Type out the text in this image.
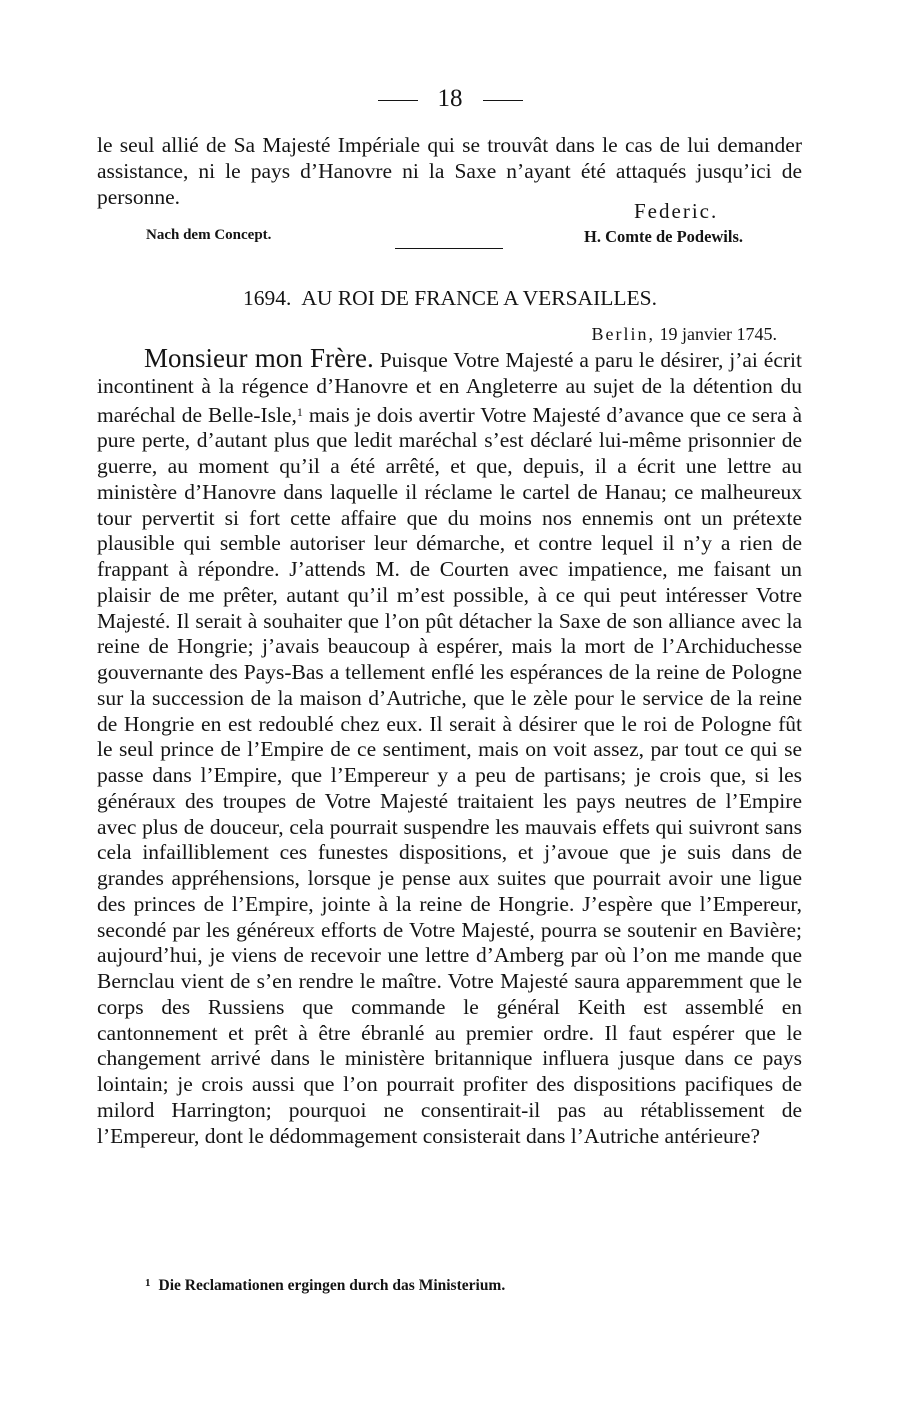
18
le seul allié de Sa Majesté Impériale qui se trouvât dans le cas de lui demander assistance, ni le pays d’Hanovre ni la Saxe n’ayant été attaqués jusqu’ici de personne.
Federic.
Nach dem Concept.	H. Comte de Podewils.
1694. AU ROI DE FRANCE A VERSAILLES.
Berlin, 19 janvier 1745.
Monsieur mon Frère. Puisque Votre Majesté a paru le désirer, j’ai écrit incontinent à la régence d’Hanovre et en Angleterre au sujet de la détention du maréchal de Belle-Isle,$^1$ mais je dois avertir Votre Majesté d’avance que ce sera à pure perte, d’autant plus que ledit maréchal s’est déclaré lui-même prisonnier de guerre, au moment qu’il a été arrêté, et que, depuis, il a écrit une lettre au ministère d’Hanovre dans laquelle il réclame le cartel de Hanau; ce malheureux tour pervertit si fort cette affaire que du moins nos ennemis ont un prétexte plausible qui semble autoriser leur démarche, et contre lequel il n’y a rien de frappant à répondre. J’attends M. de Courten avec impatience, me faisant un plaisir de me prêter, autant qu’il m’est possible, à ce qui peut intéresser Votre Majesté. Il serait à souhaiter que l’on pût détacher la Saxe de son alliance avec la reine de Hongrie; j’avais beaucoup à espérer, mais la mort de l’Archiduchesse gouvernante des Pays-Bas a tellement enflé les espérances de la reine de Pologne sur la succession de la maison d’Autriche, que le zèle pour le service de la reine de Hongrie en est redoublé chez eux. Il serait à désirer que le roi de Pologne fût le seul prince de l’Empire de ce sentiment, mais on voit assez, par tout ce qui se passe dans l’Empire, que l’Empereur y a peu de partisans; je crois que, si les généraux des troupes de Votre Majesté traitaient les pays neutres de l’Empire avec plus de douceur, cela pourrait suspendre les mauvais effets qui suivront sans cela infailliblement ces funestes dispositions, et j’avoue que je suis dans de grandes appréhensions, lorsque je pense aux suites que pourrait avoir une ligue des princes de l’Empire, jointe à la reine de Hongrie. J’espère que l’Empereur, secondé par les généreux efforts de Votre Majesté, pourra se soutenir en Bavière; aujourd’hui, je viens de recevoir une lettre d’Amberg par où l’on me mande que Bernclau vient de s’en rendre le maître. Votre Majesté saura apparemment que le corps des Russiens que commande le général Keith est assemblé en cantonnement et prêt à être ébranlé au premier ordre. Il faut espérer que le changement arrivé dans le ministère britannique influera jusque dans ce pays lointain; je crois aussi que l’on pourrait profiter des dispositions pacifiques de milord Harrington; pourquoi ne consentirait-il pas au rétablissement de l’Empereur, dont le dédommagement consisterait dans l’Autriche antérieure?
$^1$ Die Reclamationen ergingen durch das Ministerium.
